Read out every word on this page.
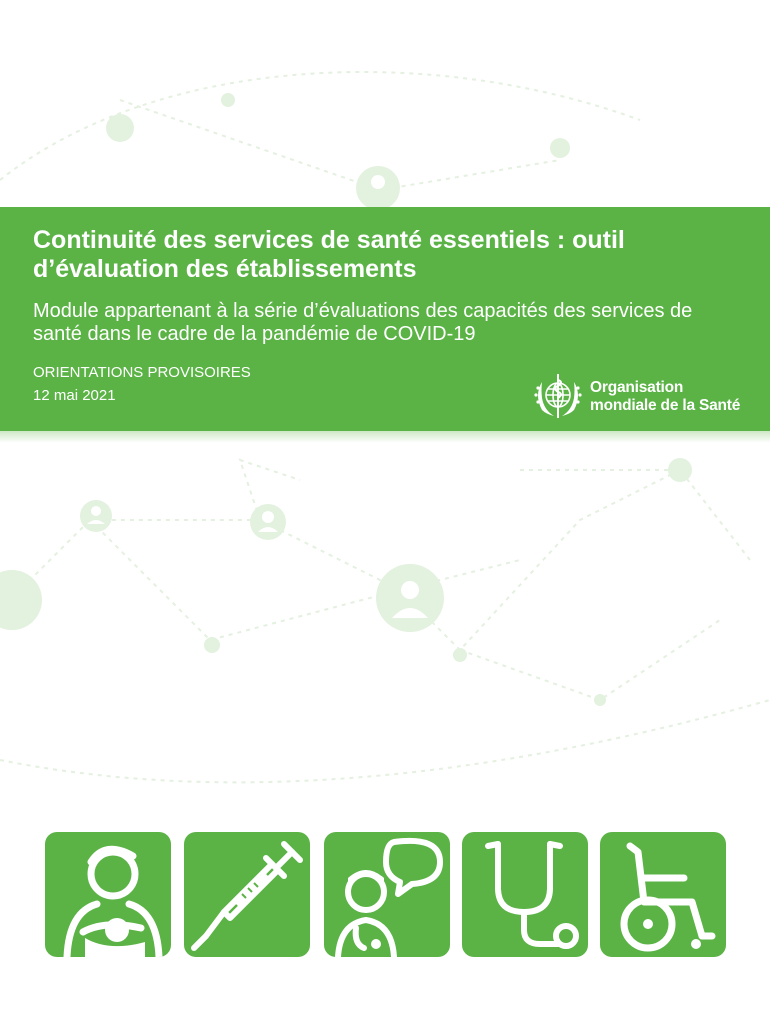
Continuité des services de santé essentiels : outil
d’évaluation des établissements

Module appartenant à la série d’évaluations des capacités des services de
santé dans le cadre de la pandémie de COVID-19

ORIENTATIONS PROVISOIRES
12 mai 2021	Organisation
mondiale de la Santé
